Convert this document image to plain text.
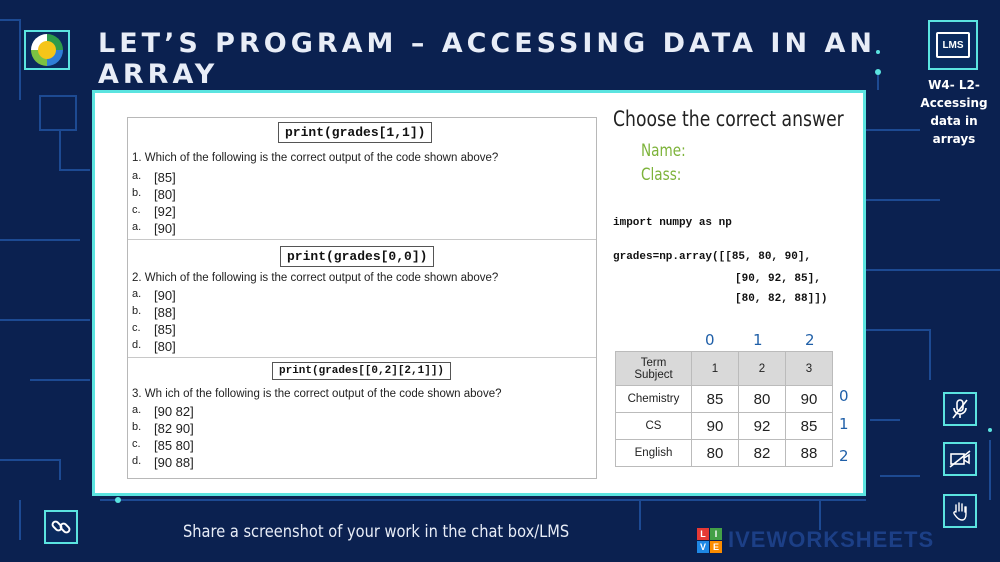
LET’S PROGRAM – ACCESSING DATA IN AN ARRAY
LMS
W4- L2-
Accessing
data in
arrays
Share a screenshot of your work in the chat box/LMS	L I
V E IVEWORKSHEETS
print(grades[1,1])
1. Which of the following is the correct output of the code shown above?
a. [85]
b. [80]
c. [92]
a. [90]
print(grades[0,0])
2. Which of the following is the correct output of the code shown above?
a. [90]
b. [88]
c. [85]
d. [80]
print(grades[[0,2][2,1]])
3. Wh ich of the following is the correct output of the code shown above?
a. [90 82]
b. [82 90]
c. [85 80]
d. [90 88]
Choose the correct answer
Name:
Class:
import numpy as np
grades=np.array([[85, 80, 90],
[90, 92, 85],
[80, 82, 88]])
0	1	2
Term
Subject	1	2	3
Chemistry	85	80	90
CS	90	92	85
English	80	82	88
0
1
2
